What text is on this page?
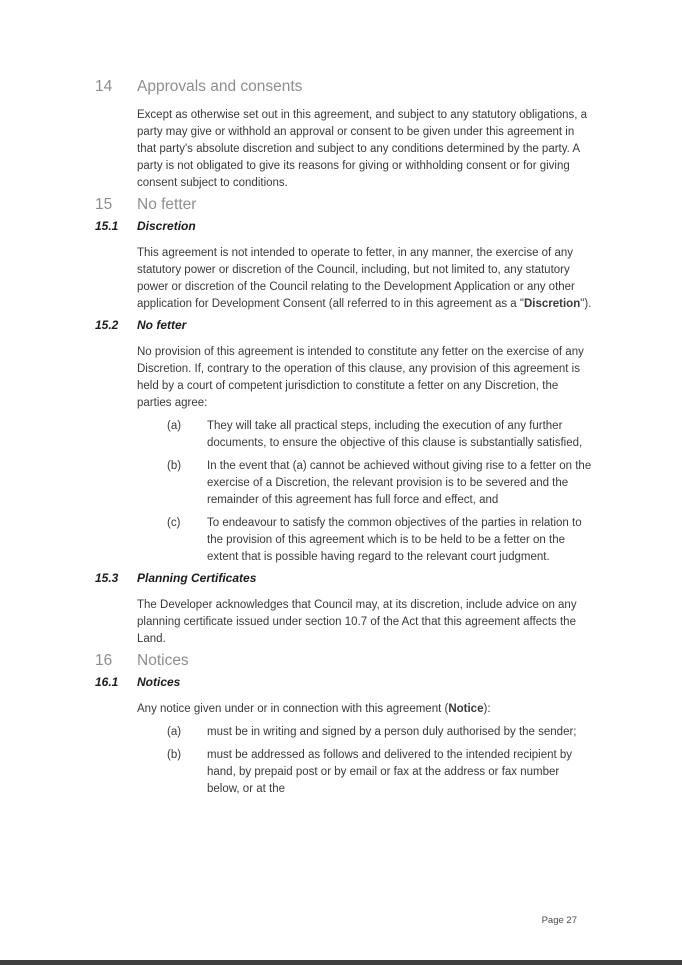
14	Approvals and consents

Except as otherwise set out in this agreement, and subject to any statutory obligations, a party may give or withhold an approval or consent to be given under this agreement in that party's absolute discretion and subject to any conditions determined by the party. A party is not obligated to give its reasons for giving or withholding consent or for giving consent subject to conditions.

15	No fetter
15.1	Discretion

This agreement is not intended to operate to fetter, in any manner, the exercise of any statutory power or discretion of the Council, including, but not limited to, any statutory power or discretion of the Council relating to the Development Application or any other application for Development Consent (all referred to in this agreement as a "Discretion").

15.2	No fetter

No provision of this agreement is intended to constitute any fetter on the exercise of any Discretion. If, contrary to the operation of this clause, any provision of this agreement is held by a court of competent jurisdiction to constitute a fetter on any Discretion, the parties agree:

(a)	They will take all practical steps, including the execution of any further documents, to ensure the objective of this clause is substantially satisfied,
(b)	In the event that (a) cannot be achieved without giving rise to a fetter on the exercise of a Discretion, the relevant provision is to be severed and the remainder of this agreement has full force and effect, and
(c)	To endeavour to satisfy the common objectives of the parties in relation to the provision of this agreement which is to be held to be a fetter on the extent that is possible having regard to the relevant court judgment.
15.3	Planning Certificates

The Developer acknowledges that Council may, at its discretion, include advice on any planning certificate issued under section 10.7 of the Act that this agreement affects the Land.

16	Notices
16.1	Notices

Any notice given under or in connection with this agreement (Notice):

(a)	must be in writing and signed by a person duly authorised by the sender;
(b)	must be addressed as follows and delivered to the intended recipient by hand, by prepaid post or by email or fax at the address or fax number below, or at the
Page 27
